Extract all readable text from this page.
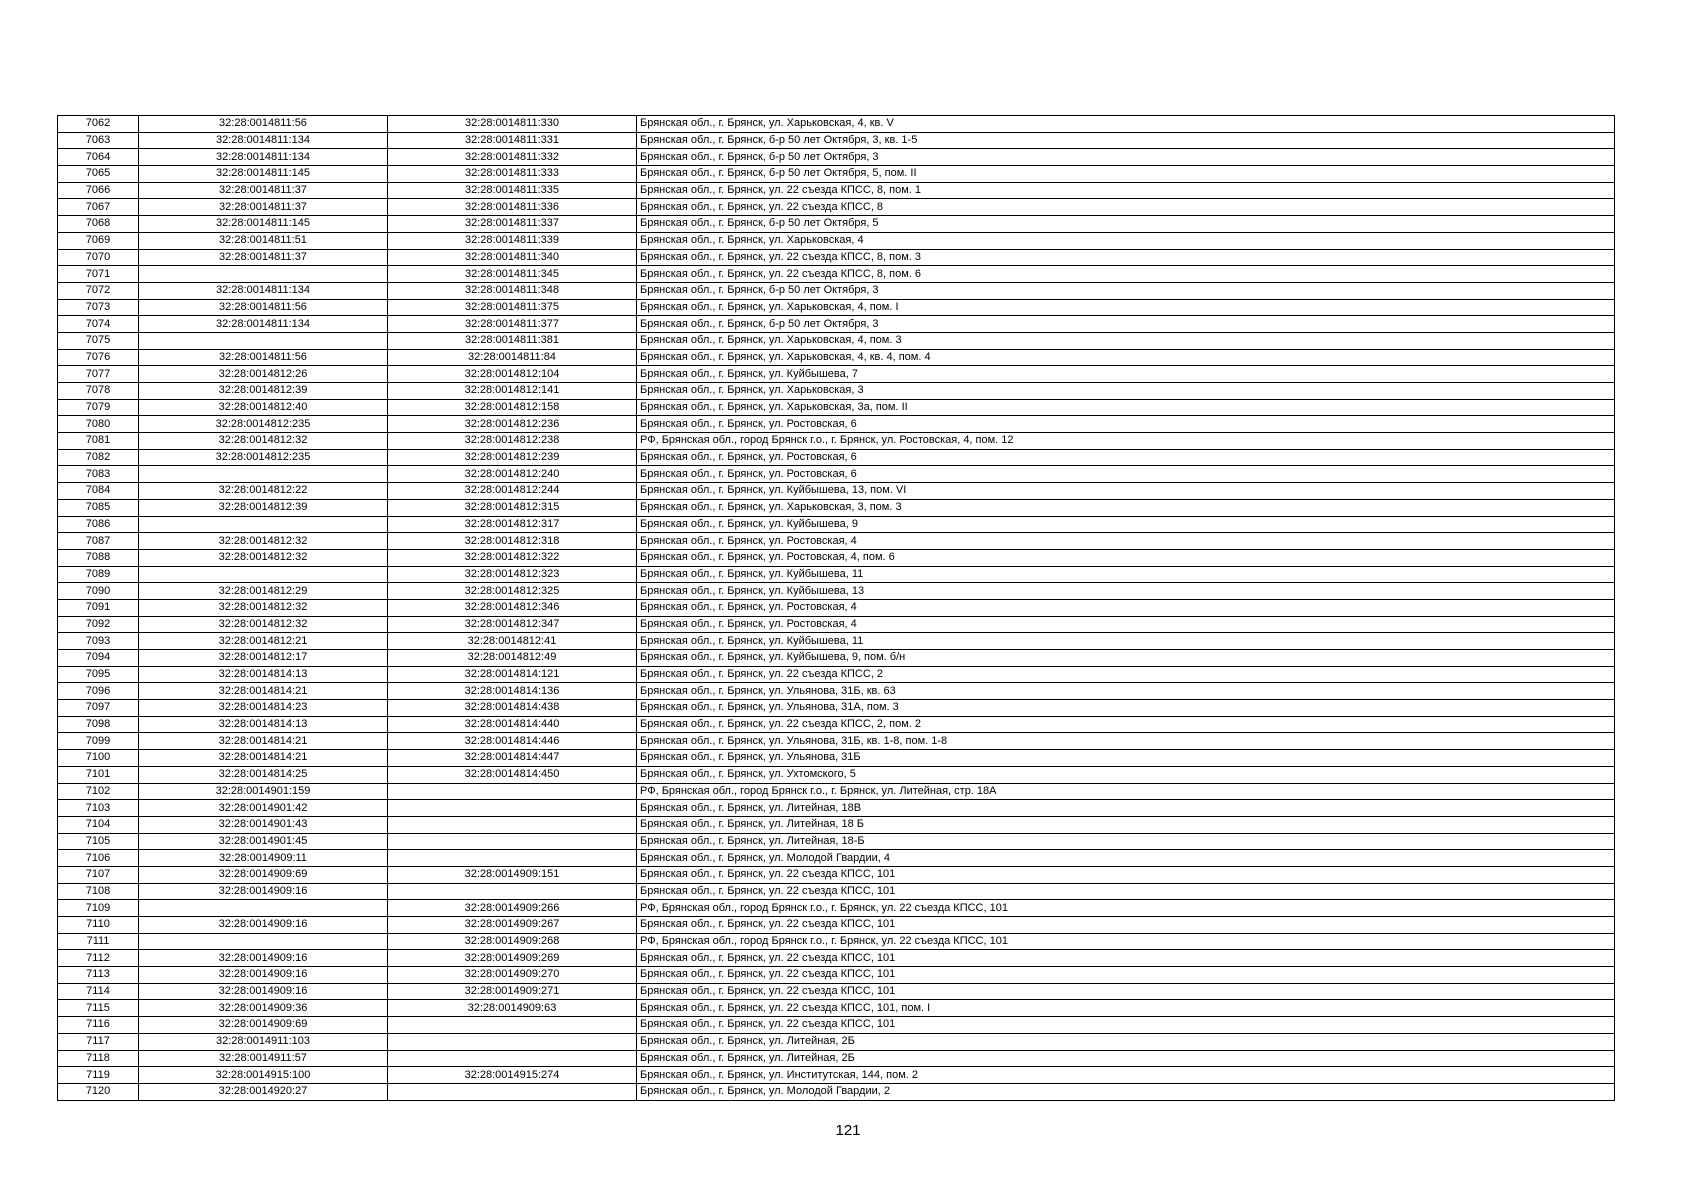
7062	32:28:0014811:56	32:28:0014811:330	Брянская обл., г. Брянск, ул. Харьковская, 4, кв. V
7063	32:28:0014811:134	32:28:0014811:331	Брянская обл., г. Брянск, б-р 50 лет Октября, 3, кв. 1-5
7064	32:28:0014811:134	32:28:0014811:332	Брянская обл., г. Брянск, б-р 50 лет Октября, 3
7065	32:28:0014811:145	32:28:0014811:333	Брянская обл., г. Брянск, б-р 50 лет Октября, 5, пом. II
7066	32:28:0014811:37	32:28:0014811:335	Брянская обл., г. Брянск, ул. 22 съезда КПСС, 8, пом. 1
7067	32:28:0014811:37	32:28:0014811:336	Брянская обл., г. Брянск, ул. 22 съезда КПСС, 8
7068	32:28:0014811:145	32:28:0014811:337	Брянская обл., г. Брянск, б-р 50 лет Октября, 5
7069	32:28:0014811:51	32:28:0014811:339	Брянская обл., г. Брянск, ул. Харьковская, 4
7070	32:28:0014811:37	32:28:0014811:340	Брянская обл., г. Брянск, ул. 22 съезда КПСС, 8, пом. 3
7071		32:28:0014811:345	Брянская обл., г. Брянск, ул. 22 съезда КПСС, 8, пом. 6
7072	32:28:0014811:134	32:28:0014811:348	Брянская обл., г. Брянск, б-р 50 лет Октября, 3
7073	32:28:0014811:56	32:28:0014811:375	Брянская обл., г. Брянск, ул. Харьковская, 4, пом. I
7074	32:28:0014811:134	32:28:0014811:377	Брянская обл., г. Брянск, б-р 50 лет Октября, 3
7075		32:28:0014811:381	Брянская обл., г. Брянск, ул. Харьковская, 4, пом. 3
7076	32:28:0014811:56	32:28:0014811:84	Брянская обл., г. Брянск, ул. Харьковская, 4, кв. 4, пом. 4
7077	32:28:0014812:26	32:28:0014812:104	Брянская обл., г. Брянск, ул. Куйбышева, 7
7078	32:28:0014812:39	32:28:0014812:141	Брянская обл., г. Брянск, ул. Харьковская, 3
7079	32:28:0014812:40	32:28:0014812:158	Брянская обл., г. Брянск, ул. Харьковская, 3а, пом. II
7080	32:28:0014812:235	32:28:0014812:236	Брянская обл., г. Брянск, ул. Ростовская, 6
7081	32:28:0014812:32	32:28:0014812:238	РФ, Брянская обл., город Брянск г.о., г. Брянск, ул. Ростовская, 4, пом. 12
7082	32:28:0014812:235	32:28:0014812:239	Брянская обл., г. Брянск, ул. Ростовская, 6
7083		32:28:0014812:240	Брянская обл., г. Брянск, ул. Ростовская, 6
7084	32:28:0014812:22	32:28:0014812:244	Брянская обл., г. Брянск, ул. Куйбышева, 13, пом. VI
7085	32:28:0014812:39	32:28:0014812:315	Брянская обл., г. Брянск, ул. Харьковская, 3, пом. 3
7086		32:28:0014812:317	Брянская обл., г. Брянск, ул. Куйбышева, 9
7087	32:28:0014812:32	32:28:0014812:318	Брянская обл., г. Брянск, ул. Ростовская, 4
7088	32:28:0014812:32	32:28:0014812:322	Брянская обл., г. Брянск, ул. Ростовская, 4, пом. 6
7089		32:28:0014812:323	Брянская обл., г. Брянск, ул. Куйбышева, 11
7090	32:28:0014812:29	32:28:0014812:325	Брянская обл., г. Брянск, ул. Куйбышева, 13
7091	32:28:0014812:32	32:28:0014812:346	Брянская обл., г. Брянск, ул. Ростовская, 4
7092	32:28:0014812:32	32:28:0014812:347	Брянская обл., г. Брянск, ул. Ростовская, 4
7093	32:28:0014812:21	32:28:0014812:41	Брянская обл., г. Брянск, ул. Куйбышева, 11
7094	32:28:0014812:17	32:28:0014812:49	Брянская обл., г. Брянск, ул. Куйбышева, 9, пом. б/н
7095	32:28:0014814:13	32:28:0014814:121	Брянская обл., г. Брянск, ул. 22 съезда КПСС, 2
7096	32:28:0014814:21	32:28:0014814:136	Брянская обл., г. Брянск, ул. Ульянова, 31Б, кв. 63
7097	32:28:0014814:23	32:28:0014814:438	Брянская обл., г. Брянск, ул. Ульянова, 31А, пом. 3
7098	32:28:0014814:13	32:28:0014814:440	Брянская обл., г. Брянск, ул. 22 съезда КПСС, 2, пом. 2
7099	32:28:0014814:21	32:28:0014814:446	Брянская обл., г. Брянск, ул. Ульянова, 31Б, кв. 1-8, пом. 1-8
7100	32:28:0014814:21	32:28:0014814:447	Брянская обл., г. Брянск, ул. Ульянова, 31Б
7101	32:28:0014814:25	32:28:0014814:450	Брянская обл., г. Брянск, ул. Ухтомского, 5
7102	32:28:0014901:159		РФ, Брянская обл., город Брянск г.о., г. Брянск, ул. Литейная, стр. 18А
7103	32:28:0014901:42		Брянская обл., г. Брянск, ул. Литейная, 18В
7104	32:28:0014901:43		Брянская обл., г. Брянск, ул. Литейная, 18 Б
7105	32:28:0014901:45		Брянская обл., г. Брянск, ул. Литейная, 18-Б
7106	32:28:0014909:11		Брянская обл., г. Брянск, ул. Молодой Гвардии, 4
7107	32:28:0014909:69	32:28:0014909:151	Брянская обл., г. Брянск, ул. 22 съезда КПСС, 101
7108	32:28:0014909:16		Брянская обл., г. Брянск, ул. 22 съезда КПСС, 101
7109		32:28:0014909:266	РФ, Брянская обл., город Брянск г.о., г. Брянск, ул. 22 съезда КПСС, 101
7110	32:28:0014909:16	32:28:0014909:267	Брянская обл., г. Брянск, ул. 22 съезда КПСС, 101
7111		32:28:0014909:268	РФ, Брянская обл., город Брянск г.о., г. Брянск, ул. 22 съезда КПСС, 101
7112	32:28:0014909:16	32:28:0014909:269	Брянская обл., г. Брянск, ул. 22 съезда КПСС, 101
7113	32:28:0014909:16	32:28:0014909:270	Брянская обл., г. Брянск, ул. 22 съезда КПСС, 101
7114	32:28:0014909:16	32:28:0014909:271	Брянская обл., г. Брянск, ул. 22 съезда КПСС, 101
7115	32:28:0014909:36	32:28:0014909:63	Брянская обл., г. Брянск, ул. 22 съезда КПСС, 101, пом. I
7116	32:28:0014909:69		Брянская обл., г. Брянск, ул. 22 съезда КПСС, 101
7117	32:28:0014911:103		Брянская обл., г. Брянск, ул. Литейная, 2Б
7118	32:28:0014911:57		Брянская обл., г. Брянск, ул. Литейная, 2Б
7119	32:28:0014915:100	32:28:0014915:274	Брянская обл., г. Брянск, ул. Институтская, 144, пом. 2
7120	32:28:0014920:27		Брянская обл., г. Брянск, ул. Молодой Гвардии, 2
121
